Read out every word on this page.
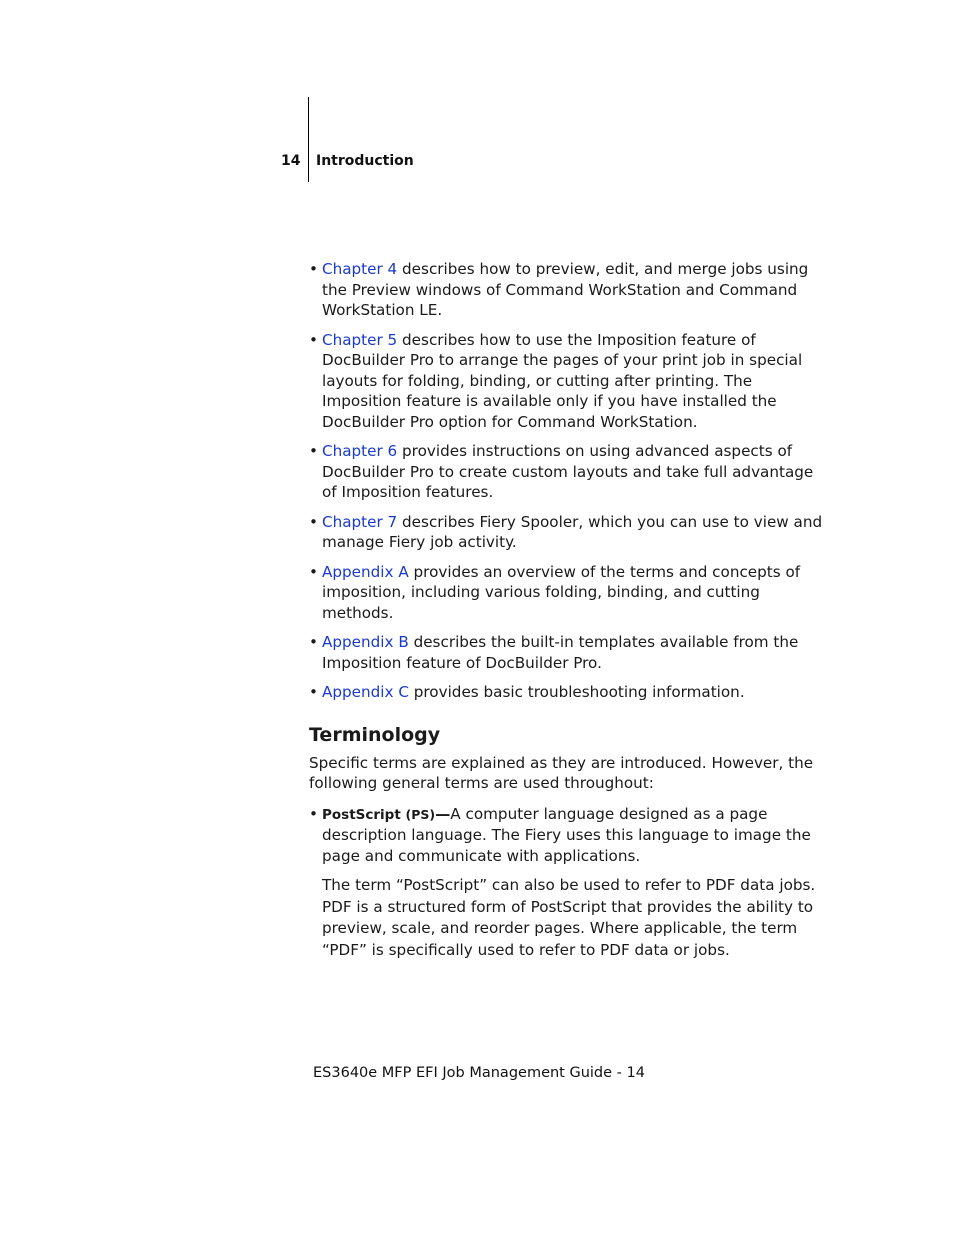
14 Introduction
• Chapter 4 describes how to preview, edit, and merge jobs using the Preview windows of Command WorkStation and Command WorkStation LE.
• Chapter 5 describes how to use the Imposition feature of DocBuilder Pro to arrange the pages of your print job in special layouts for folding, binding, or cutting after printing. The Imposition feature is available only if you have installed the DocBuilder Pro option for Command WorkStation.
• Chapter 6 provides instructions on using advanced aspects of DocBuilder Pro to create custom layouts and take full advantage of Imposition features.
• Chapter 7 describes Fiery Spooler, which you can use to view and manage Fiery job activity.
• Appendix A provides an overview of the terms and concepts of imposition, including various folding, binding, and cutting methods.
• Appendix B describes the built-in templates available from the Imposition feature of DocBuilder Pro.
• Appendix C provides basic troubleshooting information.
Terminology

Specific terms are explained as they are introduced. However, the following general terms are used throughout:

• PostScript (PS)—A computer language designed as a page description language. The Fiery uses this language to image the page and communicate with applications.

The term “PostScript” can also be used to refer to PDF data jobs. PDF is a structured form of PostScript that provides the ability to preview, scale, and reorder pages. Where applicable, the term “PDF” is specifically used to refer to PDF data or jobs.

ES3640e MFP EFI Job Management Guide - 14
